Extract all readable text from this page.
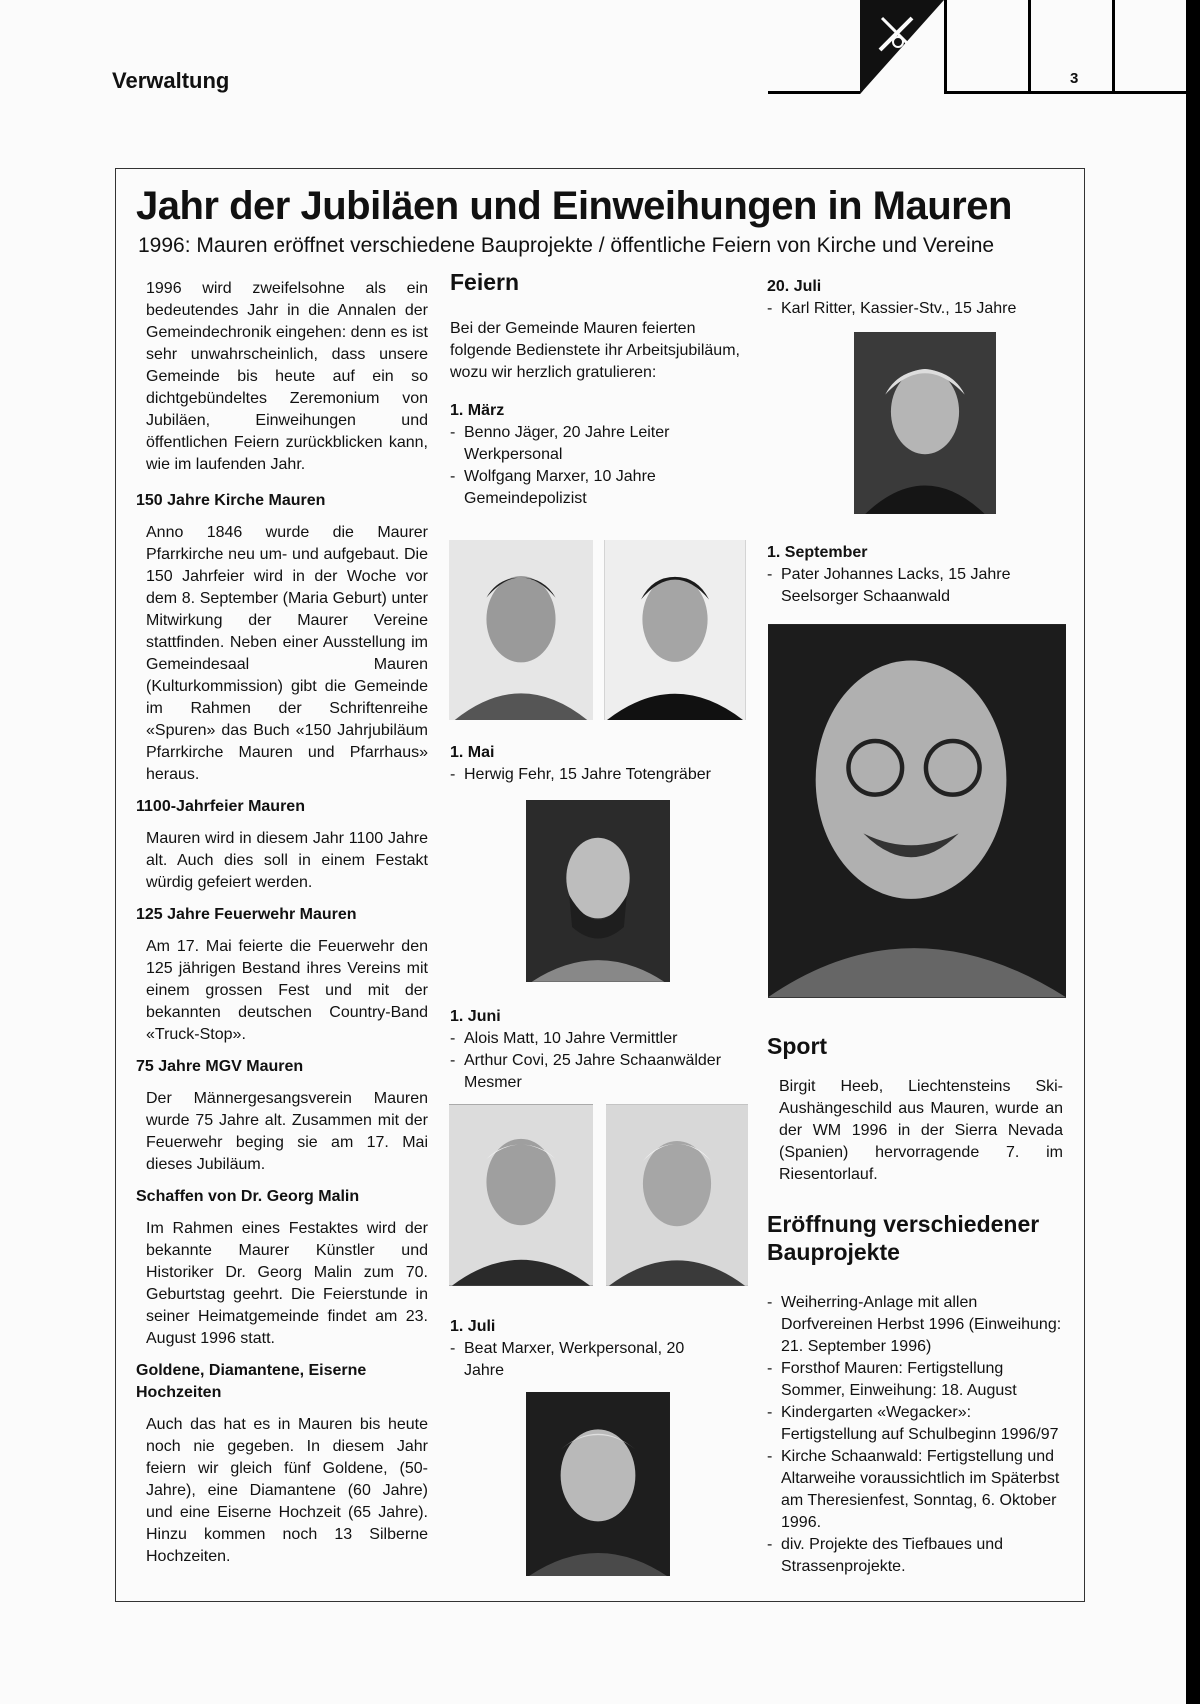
Verwaltung	3
Jahr der Jubiläen und Einweihungen in Mauren
1996: Mauren eröffnet verschiedene Bauprojekte / öffentliche Feiern von Kirche und Vereine

1996 wird zweifelsohne als ein bedeutendes Jahr in die Annalen der Gemeindechronik eingehen: denn es ist sehr unwahrscheinlich, dass unsere Gemeinde bis heute auf ein so dichtgebündeltes Zeremonium von Jubiläen, Einweihungen und öffentlichen Feiern zurückblicken kann, wie im laufenden Jahr.

150 Jahre Kirche Mauren

Anno 1846 wurde die Maurer Pfarrkirche neu um- und aufgebaut. Die 150 Jahrfeier wird in der Woche vor dem 8. September (Maria Geburt) unter Mitwirkung der Maurer Vereine stattfinden. Neben einer Ausstellung im Gemeindesaal Mauren (Kulturkommission) gibt die Gemeinde im Rahmen der Schriftenreihe «Spuren» das Buch «150 Jahrjubiläum Pfarrkirche Mauren und Pfarrhaus» heraus.

1100-Jahrfeier Mauren

Mauren wird in diesem Jahr 1100 Jahre alt. Auch dies soll in einem Festakt würdig gefeiert werden.

125 Jahre Feuerwehr Mauren

Am 17. Mai feierte die Feuerwehr den 125 jährigen Bestand ihres Vereins mit einem grossen Fest und mit der bekannten deutschen Country-Band «Truck-Stop».

75 Jahre MGV Mauren

Der Männergesangsverein Mauren wurde 75 Jahre alt. Zusammen mit der Feuerwehr beging sie am 17. Mai dieses Jubiläum.

Schaffen von Dr. Georg Malin

Im Rahmen eines Festaktes wird der bekannte Maurer Künstler und Historiker Dr. Georg Malin zum 70. Geburtstag geehrt. Die Feierstunde in seiner Heimatgemeinde findet am 23. August 1996 statt.

Goldene, Diamantene, Eiserne Hochzeiten

Auch das hat es in Mauren bis heute noch nie gegeben. In diesem Jahr feiern wir gleich fünf Goldene, (50-Jahre), eine Diamantene (60 Jahre) und eine Eiserne Hochzeit (65 Jahre). Hinzu kommen noch 13 Silberne Hochzeiten.

Feiern

Bei der Gemeinde Mauren feierten folgende Bedienstete ihr Arbeitsjubiläum, wozu wir herzlich gratulieren:

1. März

- Benno Jäger, 20 Jahre Leiter Werkpersonal
- Wolfgang Marxer, 10 Jahre Gemeindepolizist

1. Mai

- Herwig Fehr, 15 Jahre Totengräber

1. Juni

- Alois Matt, 10 Jahre Vermittler
- Arthur Covi, 25 Jahre Schaanwälder Mesmer

1. Juli

- Beat Marxer, Werkpersonal, 20 Jahre

20. Juli

- Karl Ritter, Kassier-Stv., 15 Jahre

1. September

- Pater Johannes Lacks, 15 Jahre Seelsorger Schaanwald

Sport

Birgit Heeb, Liechtensteins Ski-Aushängeschild aus Mauren, wurde an der WM 1996 in der Sierra Nevada (Spanien) hervorragende 7. im Riesentorlauf.

Eröffnung verschiedener Bauprojekte

- Weiherring-Anlage mit allen Dorfvereinen Herbst 1996 (Einweihung: 21. September 1996)
- Forsthof Mauren: Fertigstellung Sommer, Einweihung: 18. August
- Kindergarten «Wegacker»: Fertigstellung auf Schulbeginn 1996/97
- Kirche Schaanwald: Fertigstellung und Altarweihe voraussichtlich im Späterbst am Theresienfest, Sonntag, 6. Oktober 1996.
- div. Projekte des Tiefbaues und Strassenprojekte.
